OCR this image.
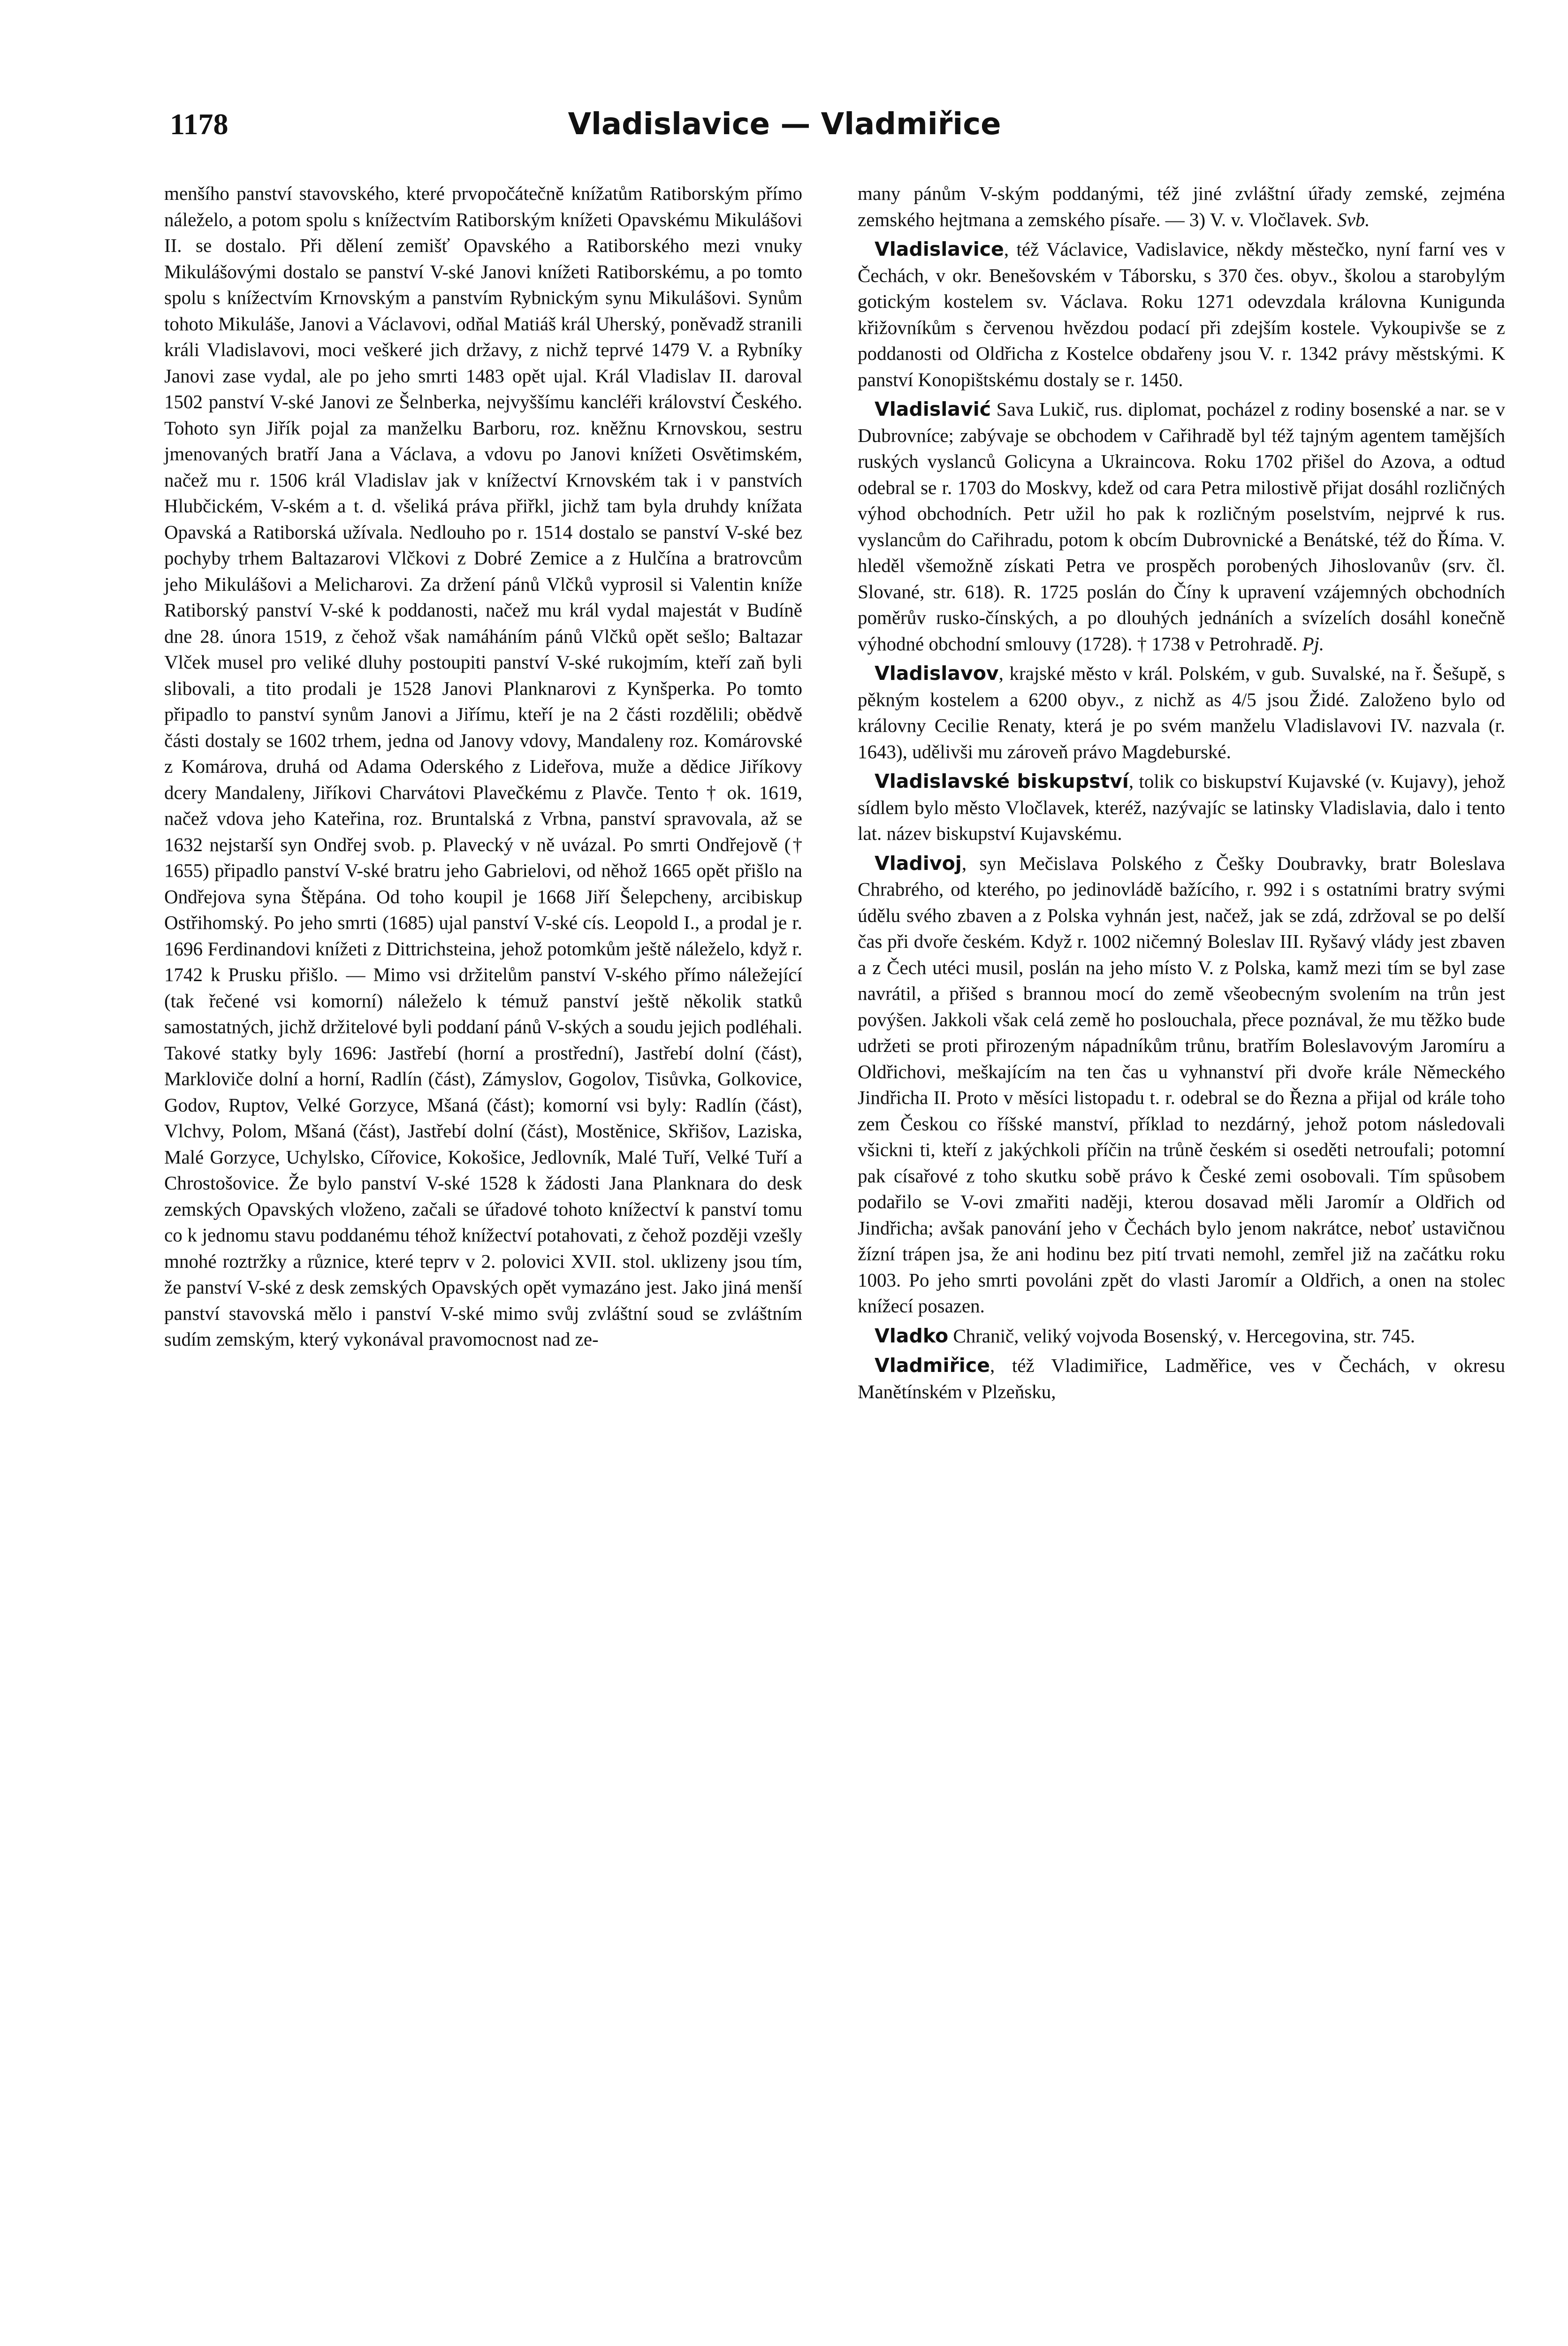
1178	Vladislavice — Vladmiřice

menšího panství stavovského, které prvopočátečně knížatům Ratiborským přímo náleželo, a potom spolu s knížectvím Ratiborským knížeti Opavskému Mikulášovi II. se dostalo. Při dělení zemišť Opavského a Ratiborského mezi vnuky Mikulášovými dostalo se panství V-ské Janovi knížeti Ratiborskému, a po tomto spolu s knížectvím Krnovským a panstvím Rybnickým synu Mikulášovi. Synům tohoto Mikuláše, Janovi a Václavovi, odňal Matiáš král Uherský, poněvadž stranili králi Vladislavovi, moci veškeré jich državy, z nichž teprvé 1479 V. a Rybníky Janovi zase vydal, ale po jeho smrti 1483 opět ujal. Král Vladislav II. daroval 1502 panství V-ské Janovi ze Šelnberka, nejvyššímu kancléři království Českého. Tohoto syn Jiřík pojal za manželku Barboru, roz. kněžnu Krnovskou, sestru jmenovaných bratří Jana a Václava, a vdovu po Janovi knížeti Osvětimském, načež mu r. 1506 král Vladislav jak v knížectví Krnovském tak i v panstvích Hlubčickém, V-ském a t. d. všeliká práva přiřkl, jichž tam byla druhdy knížata Opavská a Ratiborská užívala. Nedlouho po r. 1514 dostalo se panství V-ské bez pochyby trhem Baltazarovi Vlčkovi z Dobré Zemice a z Hulčína a bratrovcům jeho Mikulášovi a Melicharovi. Za držení pánů Vlčků vyprosil si Valentin kníže Ratiborský panství V-ské k poddanosti, načež mu král vydal majestát v Budíně dne 28. února 1519, z čehož však namáháním pánů Vlčků opět sešlo; Baltazar Vlček musel pro veliké dluhy postoupiti panství V-ské rukojmím, kteří zaň byli slibovali, a tito prodali je 1528 Janovi Planknarovi z Kynšperka. Po tomto připadlo to panství synům Janovi a Jiřímu, kteří je na 2 části rozdělili; obědvě části dostaly se 1602 trhem, jedna od Janovy vdovy, Mandaleny roz. Komárovské z Komárova, druhá od Adama Oderského z Lideřova, muže a dědice Jiříkovy dcery Mandaleny, Jiříkovi Charvátovi Plavečkému z Plavče. Tento † ok. 1619, načež vdova jeho Kateřina, roz. Bruntalská z Vrbna, panství spravovala, až se 1632 nejstarší syn Ondřej svob. p. Plavecký v ně uvázal. Po smrti Ondřejově († 1655) připadlo panství V-ské bratru jeho Gabrielovi, od něhož 1665 opět přišlo na Ondřejova syna Štěpána. Od toho koupil je 1668 Jiří Šelepcheny, arcibiskup Ostřihomský. Po jeho smrti (1685) ujal panství V-ské cís. Leopold I., a prodal je r. 1696 Ferdinandovi knížeti z Dittrichsteina, jehož potomkům ještě náleželo, když r. 1742 k Prusku přišlo. — Mimo vsi držitelům panství V-ského přímo náležející (tak řečené vsi komorní) náleželo k témuž panství ještě několik statků samostatných, jichž držitelové byli poddaní pánů V-ských a soudu jejich podléhali. Takové statky byly 1696: Jastřebí (horní a prostřední), Jastřebí dolní (část), Markloviče dolní a horní, Radlín (část), Zámyslov, Gogolov, Tisůvka, Golkovice, Godov, Ruptov, Velké Gorzyce, Mšaná (část); komorní vsi byly: Radlín (část), Vlchvy, Polom, Mšaná (část), Jastřebí dolní (část), Mostěnice, Skřišov, Laziska, Malé Gorzyce, Uchylsko, Cířovice, Kokošice, Jedlovník, Malé Tuří, Velké Tuří a Chrostošovice. Že bylo panství V-ské 1528 k žádosti Jana Planknara do desk zemských Opavských vloženo, začali se úřadové tohoto knížectví k panství tomu co k jednomu stavu poddanému téhož knížectví potahovati, z čehož později vzešly mnohé roztržky a různice, které teprv v 2. polovici XVII. stol. uklizeny jsou tím, že panství V-ské z desk zemských Opavských opět vymazáno jest. Jako jiná menší panství stavovská mělo i panství V-ské mimo svůj zvláštní soud se zvláštním sudím zemským, který vykonával pravomocnost nad ze-

many pánům V-ským poddanými, též jiné zvláštní úřady zemské, zejména zemského hejtmana a zemského písaře. — 3) V. v. Vločlavek. Svb.

Vladislavice, též Václavice, Vadislavice, někdy městečko, nyní farní ves v Čechách, v okr. Benešovském v Táborsku, s 370 čes. obyv., školou a starobylým gotickým kostelem sv. Václava. Roku 1271 odevzdala královna Kunigunda křižovníkům s červenou hvězdou podací při zdejším kostele. Vykoupivše se z poddanosti od Oldřicha z Kostelce obdařeny jsou V. r. 1342 právy městskými. K panství Konopištskému dostaly se r. 1450.

Vladislavić Sava Lukič, rus. diplomat, pocházel z rodiny bosenské a nar. se v Dubrovníce; zabývaje se obchodem v Cařihradě byl též tajným agentem tamějších ruských vyslanců Golicyna a Ukraincova. Roku 1702 přišel do Azova, a odtud odebral se r. 1703 do Moskvy, kdež od cara Petra milostivě přijat dosáhl rozličných výhod obchodních. Petr užil ho pak k rozličným poselstvím, nejprvé k rus. vyslancům do Cařihradu, potom k obcím Dubrovnické a Benátské, též do Říma. V. hleděl všemožně získati Petra ve prospěch porobených Jihoslovanův (srv. čl. Slované, str. 618). R. 1725 poslán do Číny k upravení vzájemných obchodních poměrův rusko-čínských, a po dlouhých jednáních a svízelích dosáhl konečně výhodné obchodní smlouvy (1728). † 1738 v Petrohradě. Pj.

Vladislavov, krajské město v král. Polském, v gub. Suvalské, na ř. Šešupě, s pěkným kostelem a 6200 obyv., z nichž as 4/5 jsou Židé. Založeno bylo od královny Cecilie Renaty, která je po svém manželu Vladislavovi IV. nazvala (r. 1643), udělivši mu zároveň právo Magdeburské.

Vladislavské biskupství, tolik co biskupství Kujavské (v. Kujavy), jehož sídlem bylo město Vločlavek, kteréž, nazývajíc se latinsky Vladislavia, dalo i tento lat. název biskupství Kujavskému.

Vladivoj, syn Mečislava Polského z Češky Doubravky, bratr Boleslava Chrabrého, od kterého, po jedinovládě bažícího, r. 992 i s ostatními bratry svými údělu svého zbaven a z Polska vyhnán jest, načež, jak se zdá, zdržoval se po delší čas při dvoře českém. Když r. 1002 ničemný Boleslav III. Ryšavý vlády jest zbaven a z Čech utéci musil, poslán na jeho místo V. z Polska, kamž mezi tím se byl zase navrátil, a přišed s brannou mocí do země všeobecným svolením na trůn jest povýšen. Jakkoli však celá země ho poslouchala, přece poznával, že mu těžko bude udržeti se proti přirozeným nápadníkům trůnu, bratřím Boleslavovým Jaromíru a Oldřichovi, meškajícím na ten čas u vyhnanství při dvoře krále Německého Jindřicha II. Proto v měsíci listopadu t. r. odebral se do Řezna a přijal od krále toho zem Českou co říšské manství, příklad to nezdárný, jehož potom následovali všickni ti, kteří z jakýchkoli příčin na trůně českém si oseděti netroufali; potomní pak císařové z toho skutku sobě právo k České zemi osobovali. Tím spůsobem podařilo se V-ovi zmařiti naději, kterou dosavad měli Jaromír a Oldřich od Jindřicha; avšak panování jeho v Čechách bylo jenom nakrátce, neboť ustavičnou žízní trápen jsa, že ani hodinu bez pití trvati nemohl, zemřel již na začátku roku 1003. Po jeho smrti povoláni zpět do vlasti Jaromír a Oldřich, a onen na stolec knížecí posazen.

Vladko Chranič, veliký vojvoda Bosenský, v. Hercegovina, str. 745.

Vladmiřice, též Vladimiřice, Ladměřice, ves v Čechách, v okresu Manětínském v Plzeňsku,
